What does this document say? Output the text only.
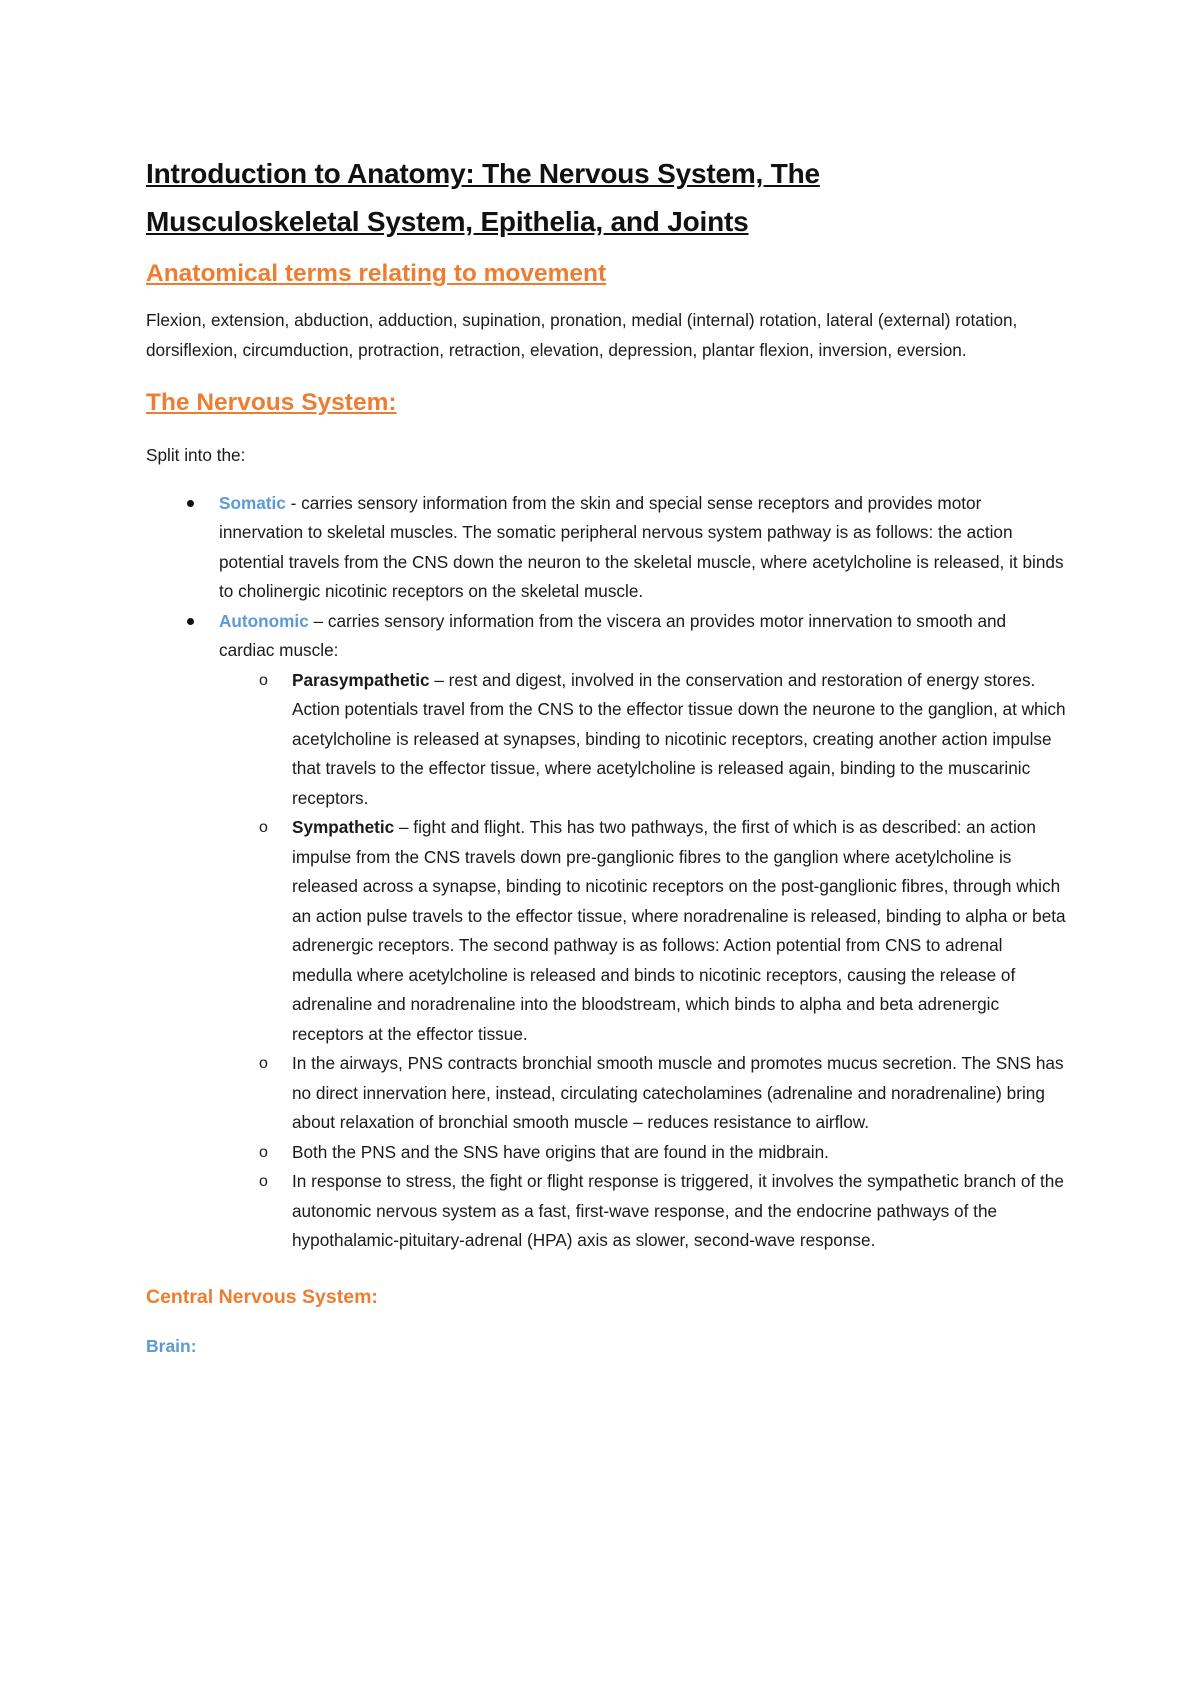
Introduction to Anatomy: The Nervous System, The
Musculoskeletal System, Epithelia, and Joints
Anatomical terms relating to movement

Flexion, extension, abduction, adduction, supination, pronation, medial (internal) rotation, lateral (external) rotation, dorsiflexion, circumduction, protraction, retraction, elevation, depression, plantar flexion, inversion, eversion.

The Nervous System:

Split into the:

Somatic - carries sensory information from the skin and special sense receptors and provides motor innervation to skeletal muscles. The somatic peripheral nervous system pathway is as follows: the action potential travels from the CNS down the neuron to the skeletal muscle, where acetylcholine is released, it binds to cholinergic nicotinic receptors on the skeletal muscle.
Autonomic – carries sensory information from the viscera an provides motor innervation to smooth and cardiac muscle:
o Parasympathetic – rest and digest, involved in the conservation and restoration of energy stores. Action potentials travel from the CNS to the effector tissue down the neurone to the ganglion, at which acetylcholine is released at synapses, binding to nicotinic receptors, creating another action impulse that travels to the effector tissue, where acetylcholine is released again, binding to the muscarinic receptors.
o Sympathetic – fight and flight. This has two pathways, the first of which is as described: an action impulse from the CNS travels down pre-ganglionic fibres to the ganglion where acetylcholine is released across a synapse, binding to nicotinic receptors on the post-ganglionic fibres, through which an action pulse travels to the effector tissue, where noradrenaline is released, binding to alpha or beta adrenergic receptors. The second pathway is as follows: Action potential from CNS to adrenal medulla where acetylcholine is released and binds to nicotinic receptors, causing the release of adrenaline and noradrenaline into the bloodstream, which binds to alpha and beta adrenergic receptors at the effector tissue.
o In the airways, PNS contracts bronchial smooth muscle and promotes mucus secretion. The SNS has no direct innervation here, instead, circulating catecholamines (adrenaline and noradrenaline) bring about relaxation of bronchial smooth muscle – reduces resistance to airflow.
o Both the PNS and the SNS have origins that are found in the midbrain.
o In response to stress, the fight or flight response is triggered, it involves the sympathetic branch of the autonomic nervous system as a fast, first-wave response, and the endocrine pathways of the hypothalamic-pituitary-adrenal (HPA) axis as slower, second-wave response.
Central Nervous System:
Brain:
